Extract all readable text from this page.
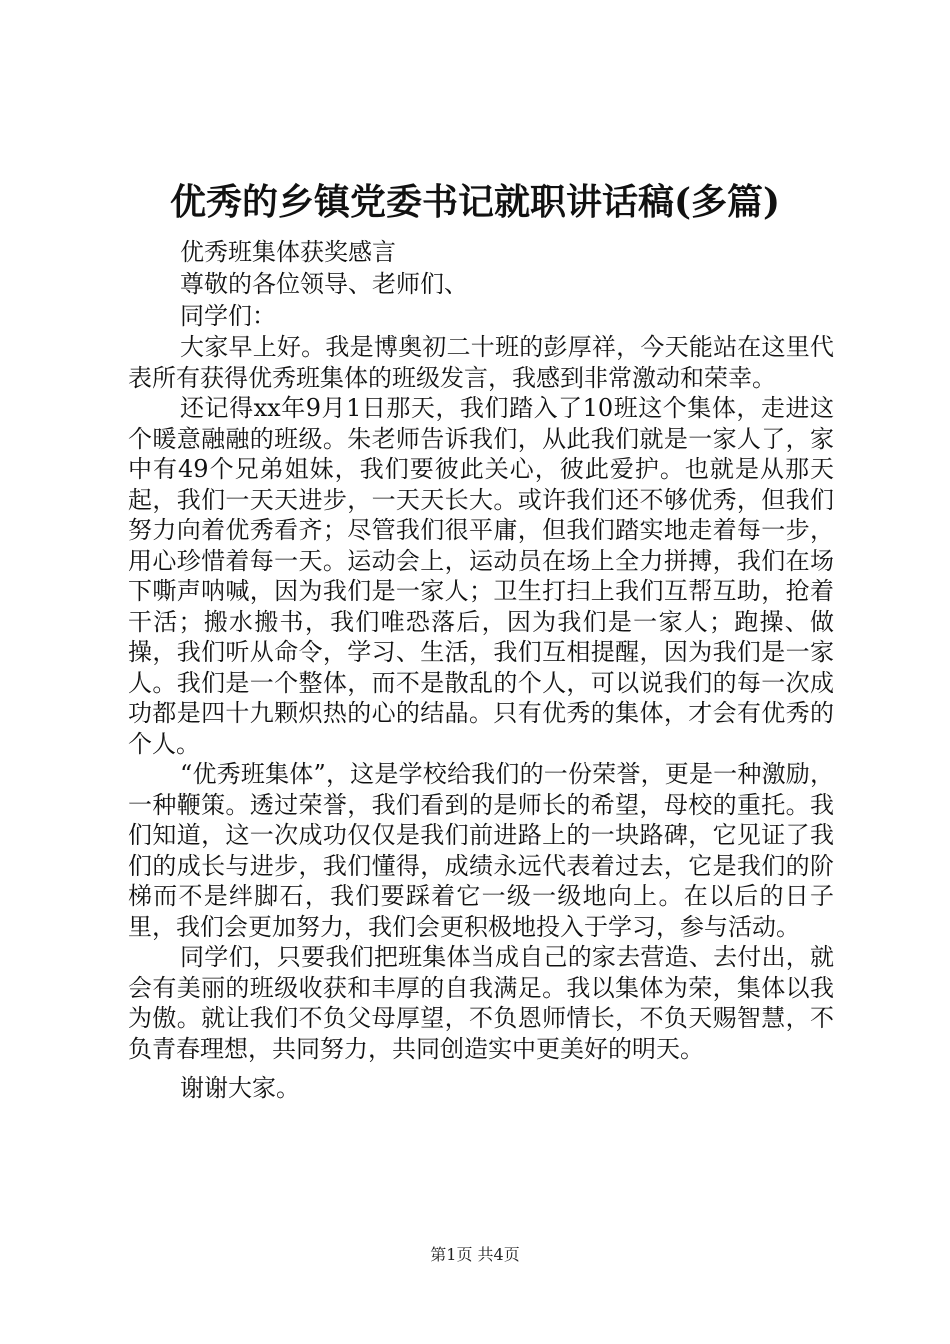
优秀的乡镇党委书记就职讲话稿(多篇)

优秀班集体获奖感言

尊敬的各位领导、老师们、

同学们：

大家早上好。我是博奥初二十班的彭厚祥，今天能站在这里代表所有获得优秀班集体的班级发言，我感到非常激动和荣幸。

还记得xx年9月1日那天，我们踏入了10班这个集体，走进这个暖意融融的班级。朱老师告诉我们，从此我们就是一家人了，家中有49个兄弟姐妹，我们要彼此关心，彼此爱护。也就是从那天起，我们一天天进步，一天天长大。或许我们还不够优秀，但我们努力向着优秀看齐；尽管我们很平庸，但我们踏实地走着每一步，用心珍惜着每一天。运动会上，运动员在场上全力拼搏，我们在场下嘶声呐喊，因为我们是一家人；卫生打扫上我们互帮互助，抢着干活；搬水搬书，我们唯恐落后，因为我们是一家人；跑操、做操，我们听从命令，学习、生活，我们互相提醒，因为我们是一家人。我们是一个整体，而不是散乱的个人，可以说我们的每一次成功都是四十九颗炽热的心的结晶。只有优秀的集体，才会有优秀的个人。

“优秀班集体”，这是学校给我们的一份荣誉，更是一种激励，一种鞭策。透过荣誉，我们看到的是师长的希望，母校的重托。我们知道，这一次成功仅仅是我们前进路上的一块路碑，它见证了我们的成长与进步，我们懂得，成绩永远代表着过去，它是我们的阶梯而不是绊脚石，我们要踩着它一级一级地向上。在以后的日子里，我们会更加努力，我们会更积极地投入于学习，参与活动。

同学们，只要我们把班集体当成自己的家去营造、去付出，就会有美丽的班级收获和丰厚的自我满足。我以集体为荣，集体以我为傲。就让我们不负父母厚望，不负恩师情长，不负天赐智慧，不负青春理想，共同努力，共同创造实中更美好的明天。

谢谢大家。

第1页 共4页
